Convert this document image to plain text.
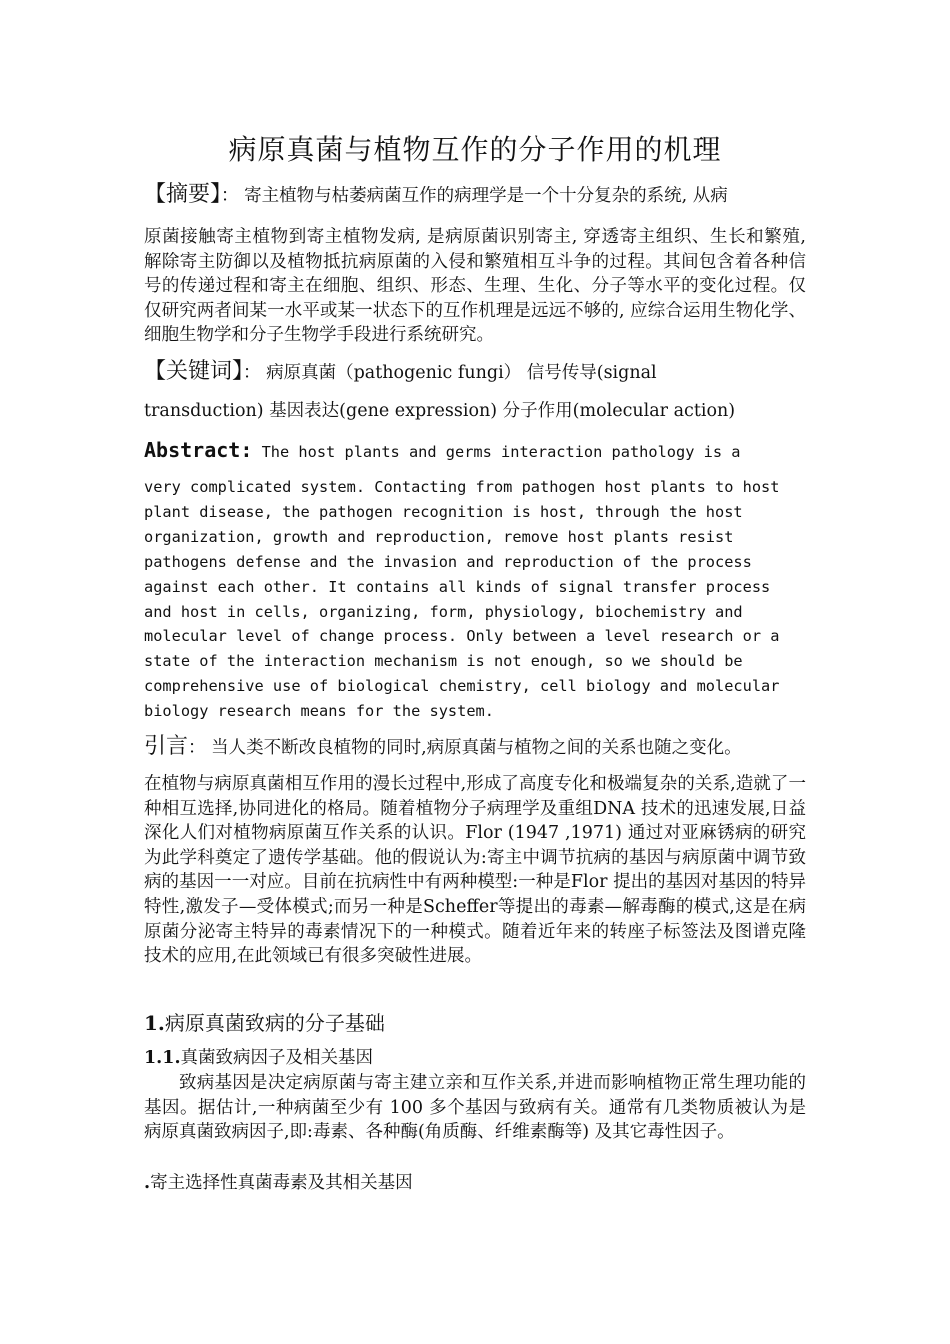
病原真菌与植物互作的分子作用的机理
【摘要】： 寄主植物与枯萎病菌互作的病理学是一个十分复杂的系统, 从病

原菌接触寄主植物到寄主植物发病, 是病原菌识别寄主, 穿透寄主组织、生长和繁殖, 解除寄主防御以及植物抵抗病原菌的入侵和繁殖相互斗争的过程。其间包含着各种信号的传递过程和寄主在细胞、组织、形态、生理、生化、分子等水平的变化过程。仅仅研究两者间某一水平或某一状态下的互作机理是远远不够的, 应综合运用生物化学、细胞生物学和分子生物学手段进行系统研究。

【关键词】： 病原真菌（pathogenic fungi） 信号传导(signal

transduction) 基因表达(gene expression) 分子作用(molecular action)

Abstract: The host plants and germs interaction pathology is a

very complicated system. Contacting from pathogen host plants to host plant disease, the pathogen recognition is host, through the host organization, growth and reproduction, remove host plants resist pathogens defense and the invasion and reproduction of the process against each other. It contains all kinds of signal transfer process and host in cells, organizing, form, physiology, biochemistry and molecular level of change process. Only between a level research or a state of the interaction mechanism is not enough, so we should be comprehensive use of biological chemistry, cell biology and molecular biology research means for the system.

引言： 当人类不断改良植物的同时,病原真菌与植物之间的关系也随之变化。

在植物与病原真菌相互作用的漫长过程中,形成了高度专化和极端复杂的关系,造就了一种相互选择,协同进化的格局。随着植物分子病理学及重组DNA 技术的迅速发展,日益深化人们对植物病原菌互作关系的认识。Flor (1947 ,1971) 通过对亚麻锈病的研究为此学科奠定了遗传学基础。他的假说认为:寄主中调节抗病的基因与病原菌中调节致病的基因一一对应。目前在抗病性中有两种模型:一种是Flor 提出的基因对基因的特异特性,激发子—受体模式;而另一种是Scheffer等提出的毒素—解毒酶的模式,这是在病原菌分泌寄主特异的毒素情况下的一种模式。随着近年来的转座子标签法及图谱克隆技术的应用,在此领域已有很多突破性进展。

1.病原真菌致病的分子基础
1.1.真菌致病因子及相关基因

致病基因是决定病原菌与寄主建立亲和互作关系,并进而影响植物正常生理功能的基因。据估计,一种病菌至少有 100 多个基因与致病有关。通常有几类物质被认为是病原真菌致病因子,即:毒素、各种酶(角质酶、纤维素酶等) 及其它毒性因子。

.寄主选择性真菌毒素及其相关基因
